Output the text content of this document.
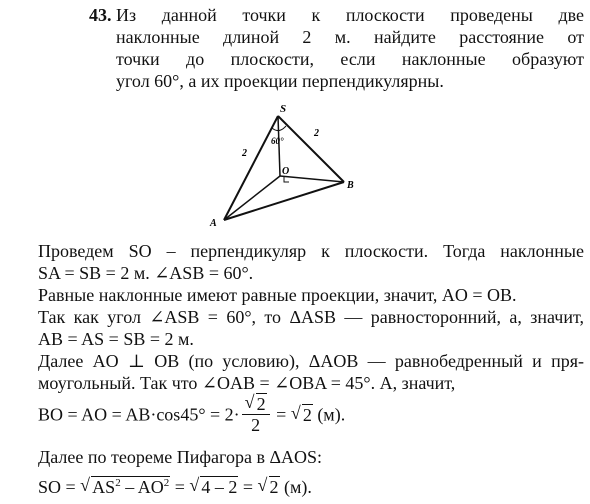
43. Из данной точки к плоскости проведены две
наклонные длиной 2 м. найдите расстояние от
точки до плоскости, если наклонные образуют
угол 60°, а их проекции перпендикулярны.
S
O
A
B
2
2
60°
Проведем SO – перпендикуляр к плоскости. Тогда наклонные
SA = SB = 2 м. ∠ASB = 60°.
Равные наклонные имеют равные проекции, значит, AO = OB.
Так как угол ∠ASB = 60°, то ΔASB — равносторонний, а, значит,
AB = AS = SB = 2 м.
Далее AO ⊥ OB (по условию), ΔAOB — равнобедренный и пря-
моугольный. Так что ∠OAB = ∠OBA = 45°. А, значит,
BO = AO = $AB\cdot\cos 45^\circ = 2\cdot \frac{√ 2}{2}$ = √ 2 (м).
Далее по теореме Пифагора в ΔAOS:
SO = √ $AS^2 - AO^2$ = √ 4 – 2 = √ 2 (м).
